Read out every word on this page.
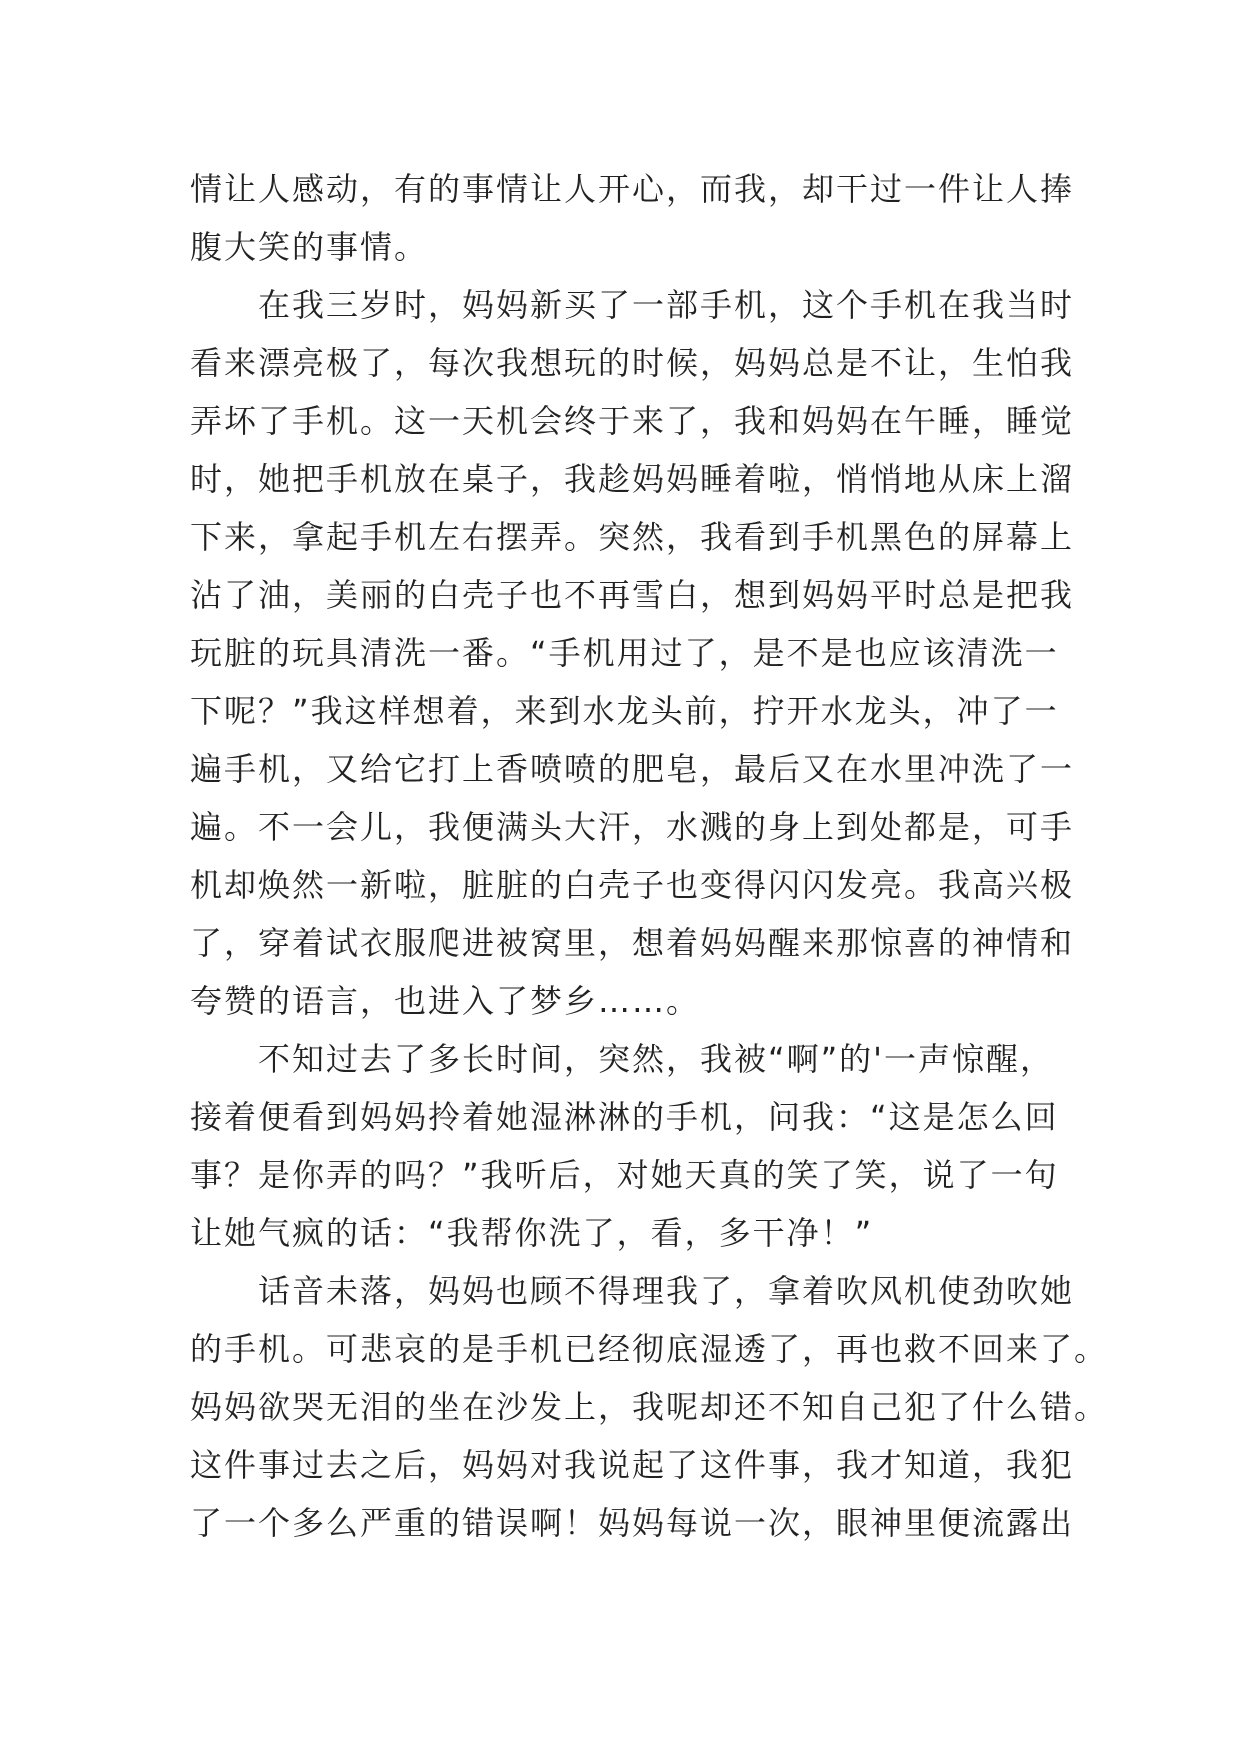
情让人感动，有的事情让人开心，而我，却干过一件让人捧
腹大笑的事情。
在我三岁时，妈妈新买了一部手机，这个手机在我当时
看来漂亮极了，每次我想玩的时候，妈妈总是不让，生怕我
弄坏了手机。这一天机会终于来了，我和妈妈在午睡，睡觉
时，她把手机放在桌子，我趁妈妈睡着啦，悄悄地从床上溜
下来，拿起手机左右摆弄。突然，我看到手机黑色的屏幕上
沾了油，美丽的白壳子也不再雪白，想到妈妈平时总是把我
玩脏的玩具清洗一番。“手机用过了，是不是也应该清洗一
下呢？”我这样想着，来到水龙头前，拧开水龙头，冲了一
遍手机，又给它打上香喷喷的肥皂，最后又在水里冲洗了一
遍。不一会儿，我便满头大汗，水溅的身上到处都是，可手
机却焕然一新啦，脏脏的白壳子也变得闪闪发亮。我高兴极
了，穿着试衣服爬进被窝里，想着妈妈醒来那惊喜的神情和
夸赞的语言，也进入了梦乡……。
不知过去了多长时间，突然，我被“啊”的'一声惊醒，
接着便看到妈妈拎着她湿淋淋的手机，问我：“这是怎么回
事？是你弄的吗？”我听后，对她天真的笑了笑，说了一句
让她气疯的话：“我帮你洗了，看，多干净！”
话音未落，妈妈也顾不得理我了，拿着吹风机使劲吹她
的手机。可悲哀的是手机已经彻底湿透了，再也救不回来了。
妈妈欲哭无泪的坐在沙发上，我呢却还不知自己犯了什么错。
这件事过去之后，妈妈对我说起了这件事，我才知道，我犯
了一个多么严重的错误啊！妈妈每说一次，眼神里便流露出
